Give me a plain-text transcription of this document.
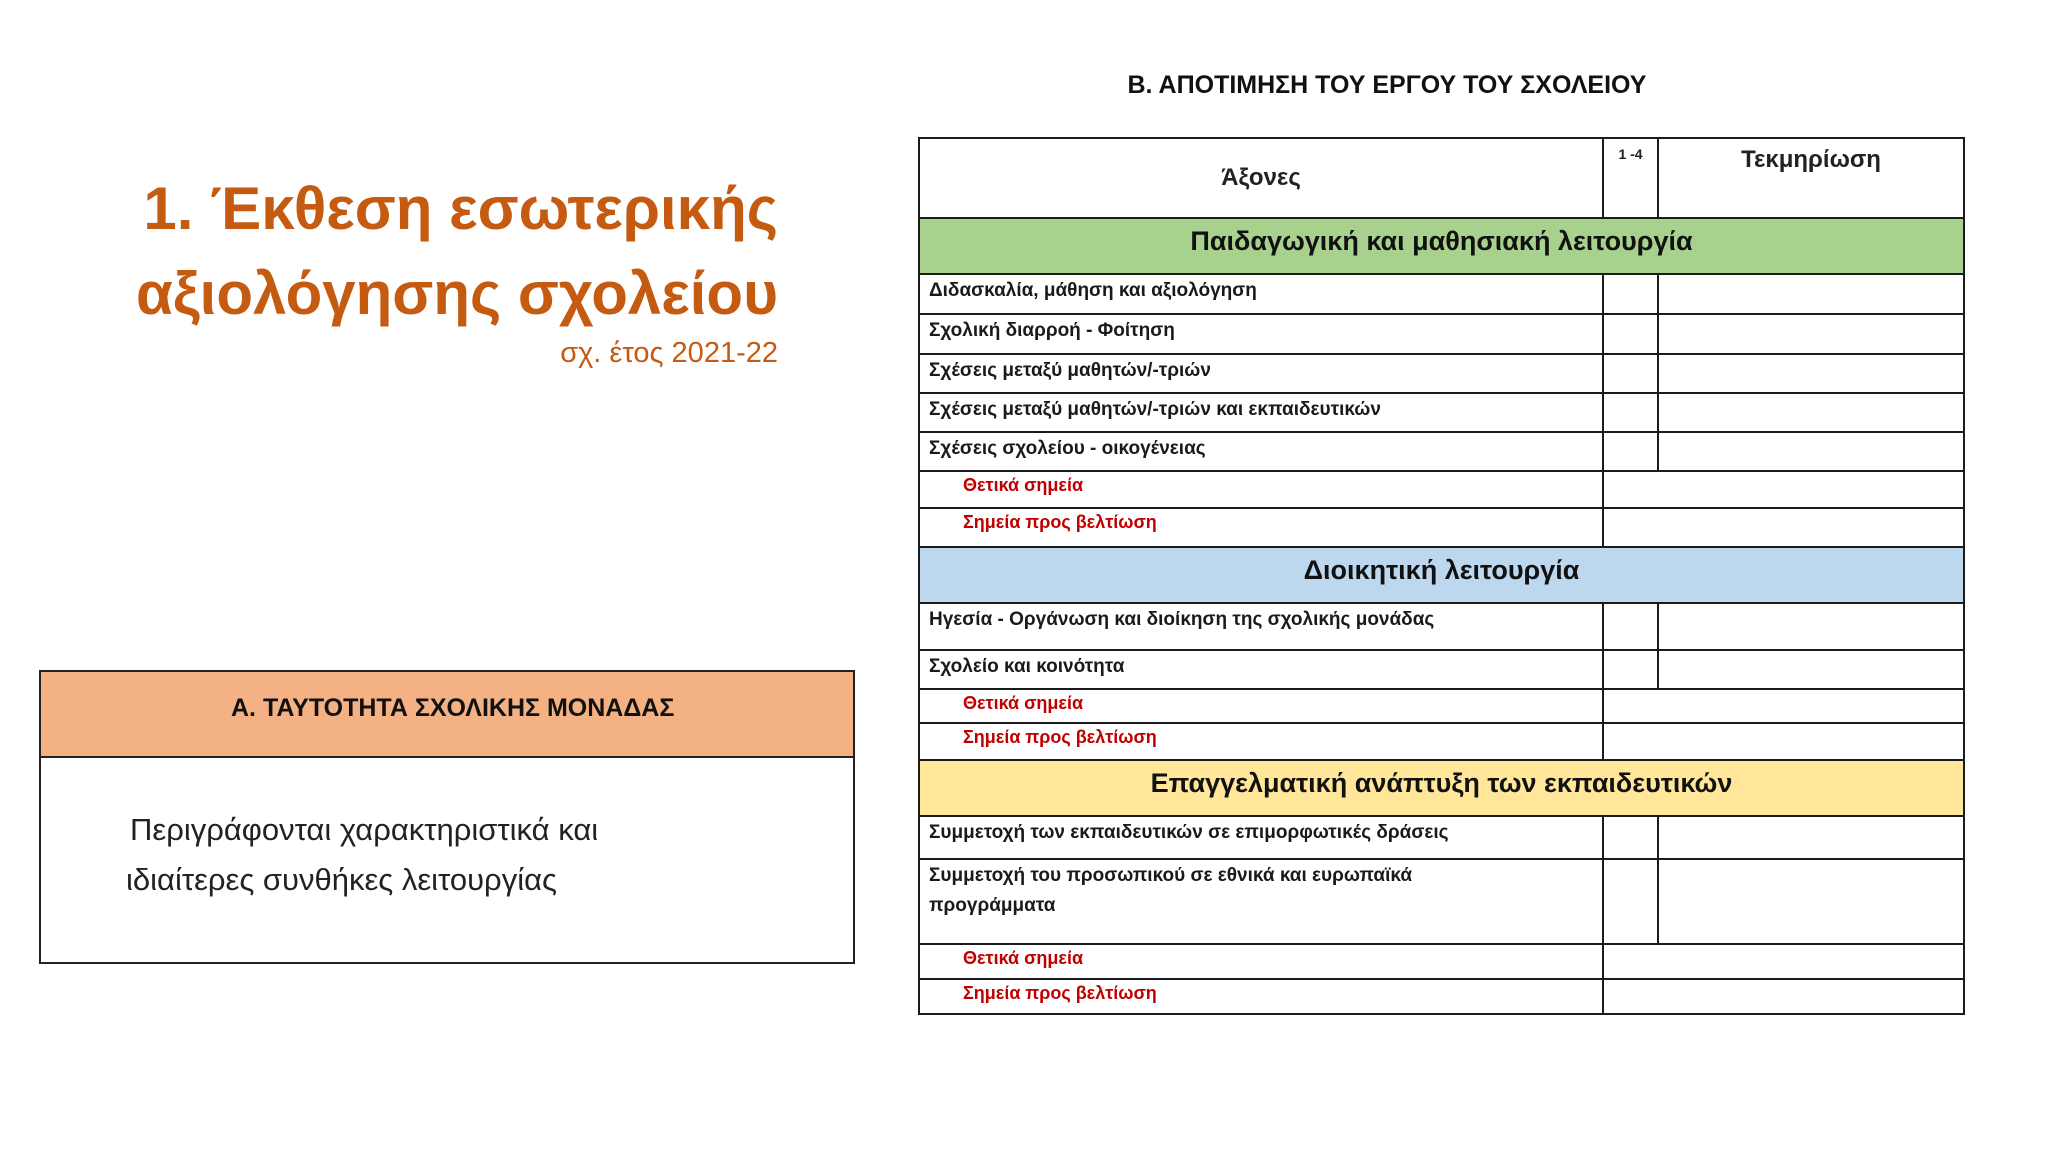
1. Έκθεση εσωτερικής
αξιολόγησης σχολείου
σχ. έτος 2021-22
Α. ΤΑΥΤΟΤΗΤΑ ΣΧΟΛΙΚΗΣ ΜΟΝΑΔΑΣ
Περιγράφονται χαρακτηριστικά και
ιδιαίτερες συνθήκες λειτουργίας
Β. ΑΠΟΤΙΜΗΣΗ ΤΟΥ ΕΡΓΟΥ ΤΟΥ ΣΧΟΛΕΙΟΥ
Άξονες	1 -4	Τεκμηρίωση
Παιδαγωγική και μαθησιακή λειτουργία		
Διδασκαλία, μάθηση και αξιολόγηση		
Σχολική διαρροή - Φοίτηση		
Σχέσεις μεταξύ μαθητών/-τριών		
Σχέσεις μεταξύ μαθητών/-τριών και εκπαιδευτικών		
Σχέσεις σχολείου - οικογένειας		
Θετικά σημεία		
Σημεία προς βελτίωση		
Διοικητική λειτουργία		
Ηγεσία - Οργάνωση και διοίκηση της σχολικής μονάδας		
Σχολείο και κοινότητα		
Θετικά σημεία		
Σημεία προς βελτίωση		
Επαγγελματική ανάπτυξη των εκπαιδευτικών		
Συμμετοχή των εκπαιδευτικών σε επιμορφωτικές δράσεις		
Συμμετοχή του προσωπικού σε εθνικά και ευρωπαϊκά προγράμματα		
Θετικά σημεία		
Σημεία προς βελτίωση		
